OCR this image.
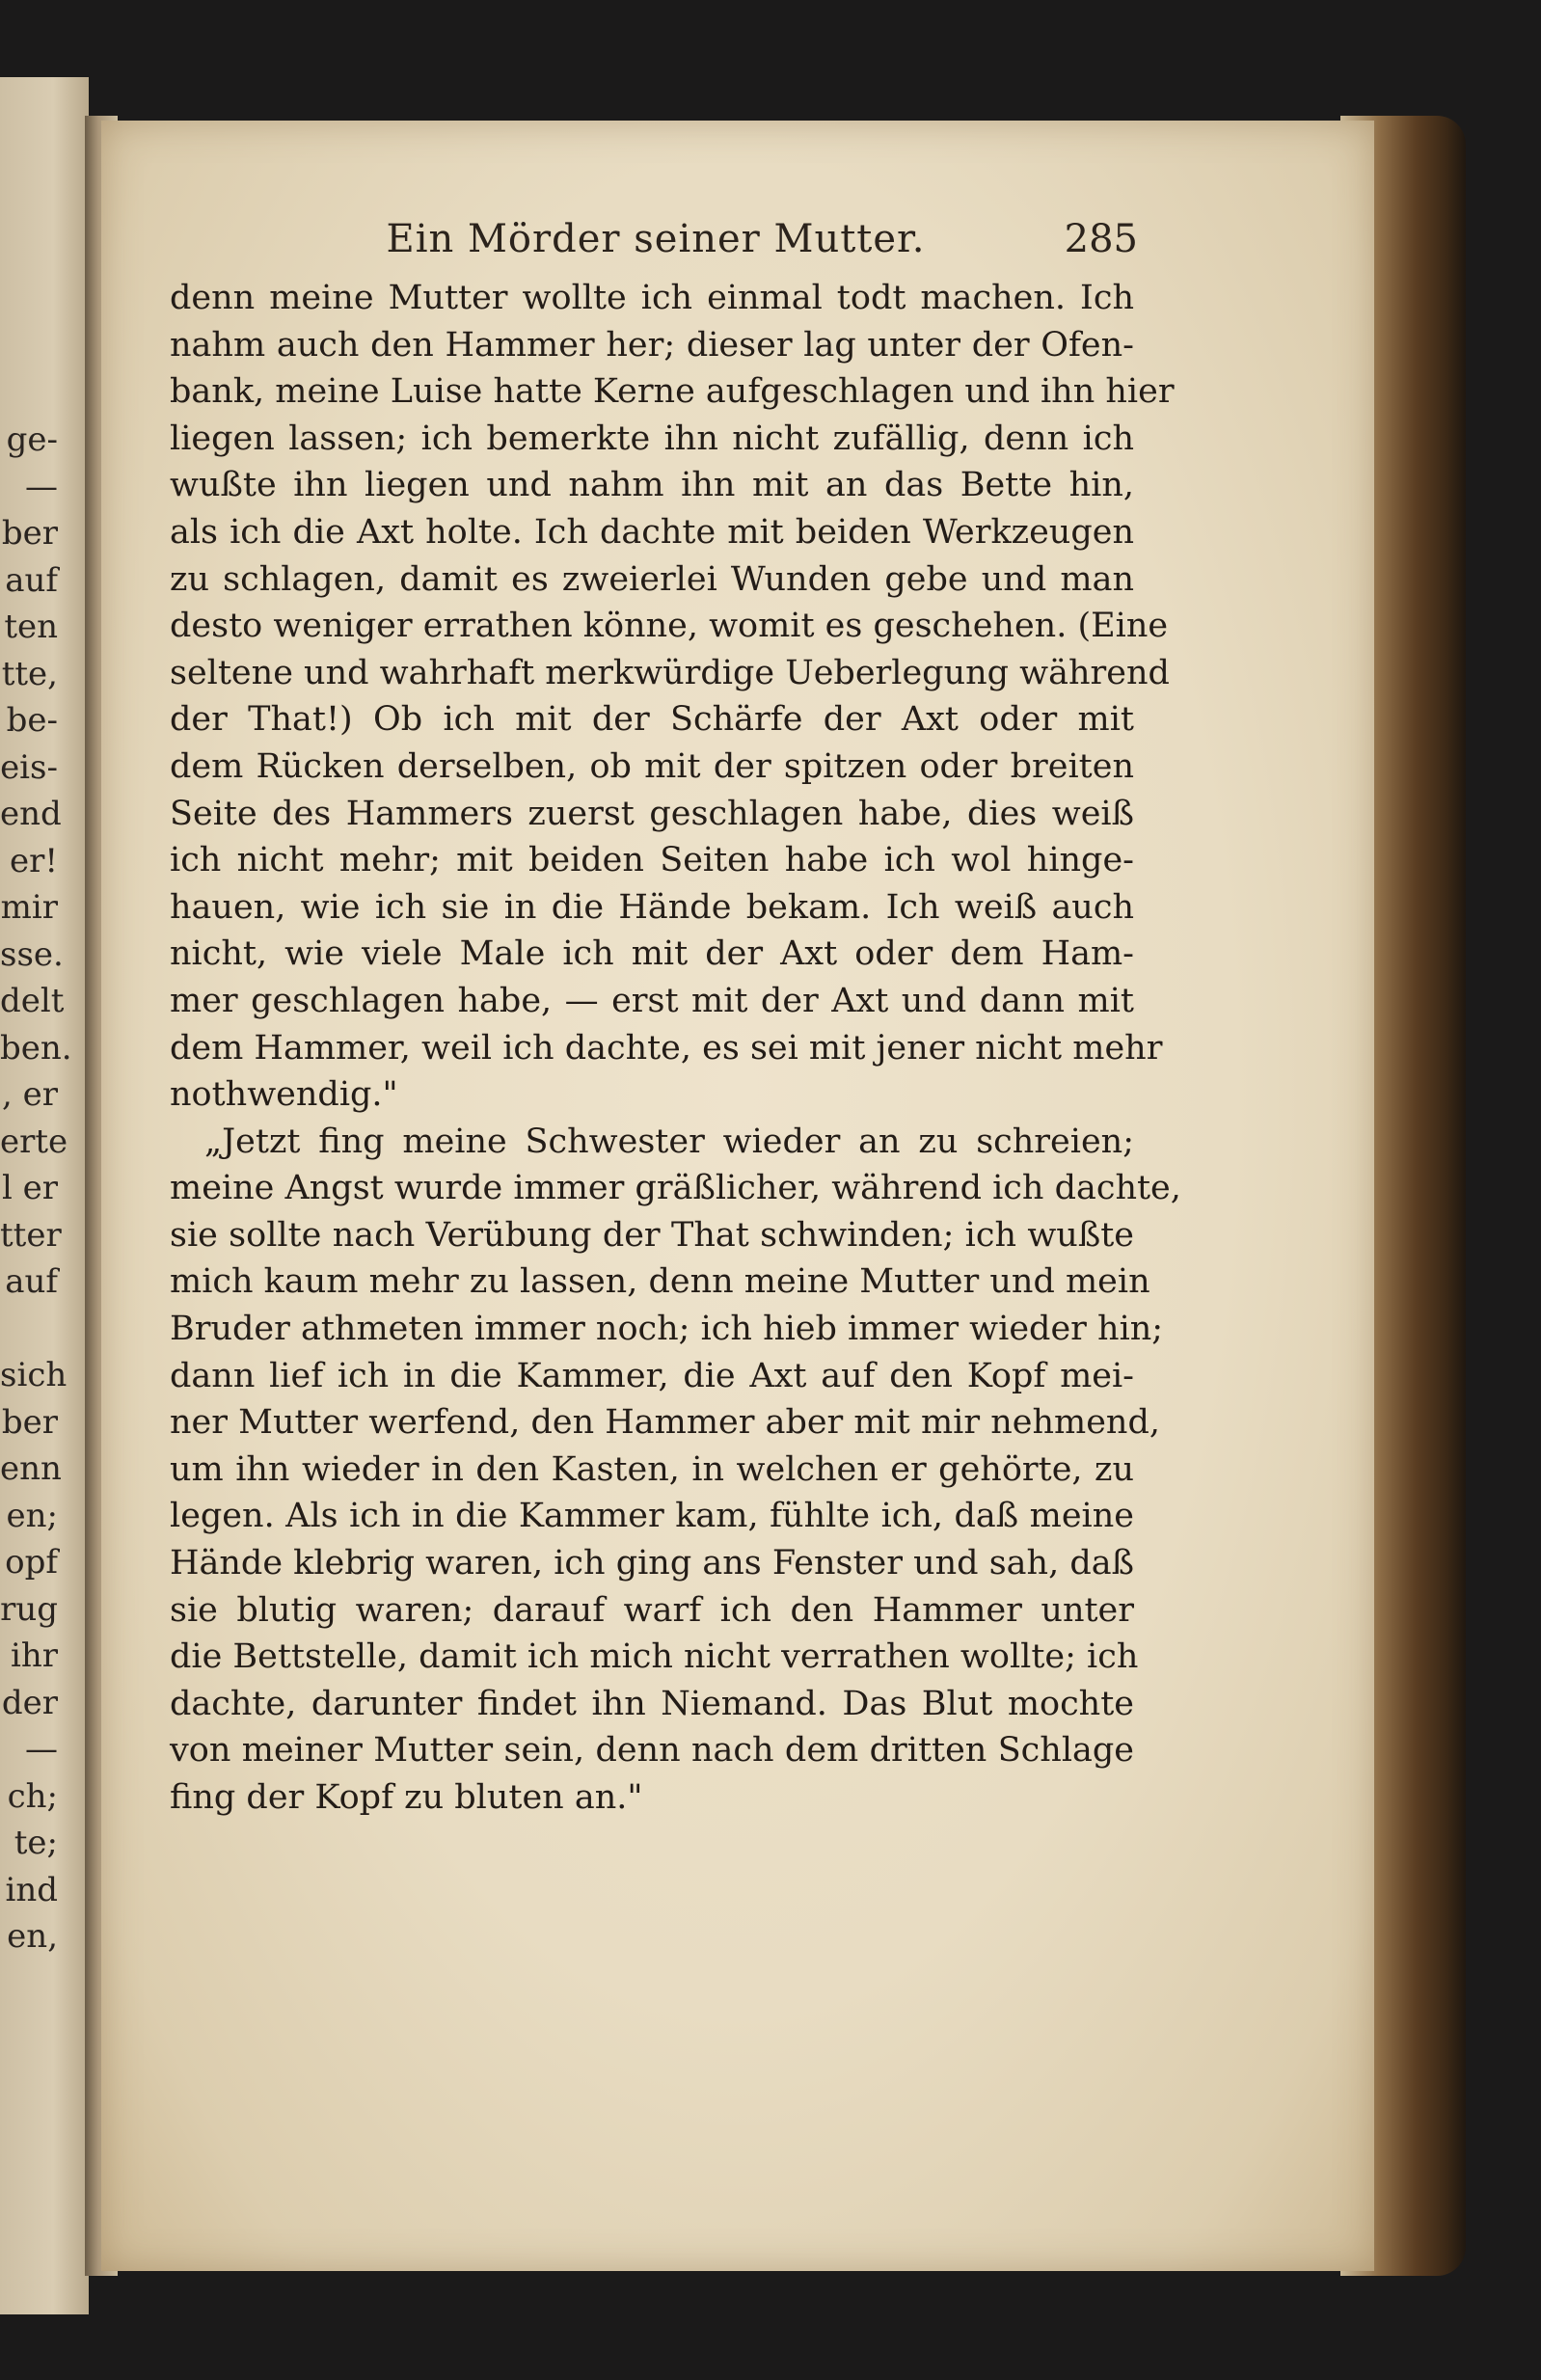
ge-
—
ber
auf
ten
tte,
be-
eis-
end
er!
mir
sse.
delt
ben.
, er
erte
l er
tter
auf
sich
ber
enn
en;
opf
rug
ihr
der
—
ch;
te;
ind
en,
Ein Mörder seiner Mutter.	285
denn meine Mutter wollte ich einmal todt machen. Ich
nahm auch den Hammer her; dieser lag unter der Ofen-
bank, meine Luise hatte Kerne aufgeschlagen und ihn hier
liegen lassen; ich bemerkte ihn nicht zufällig, denn ich
wußte ihn liegen und nahm ihn mit an das Bette hin,
als ich die Axt holte. Ich dachte mit beiden Werkzeugen
zu schlagen, damit es zweierlei Wunden gebe und man
desto weniger errathen könne, womit es geschehen. (Eine
seltene und wahrhaft merkwürdige Ueberlegung während
der That!) Ob ich mit der Schärfe der Axt oder mit
dem Rücken derselben, ob mit der spitzen oder breiten
Seite des Hammers zuerst geschlagen habe, dies weiß
ich nicht mehr; mit beiden Seiten habe ich wol hinge-
hauen, wie ich sie in die Hände bekam. Ich weiß auch
nicht, wie viele Male ich mit der Axt oder dem Ham-
mer geschlagen habe, — erst mit der Axt und dann mit
dem Hammer, weil ich dachte, es sei mit jener nicht mehr
nothwendig."
„Jetzt fing meine Schwester wieder an zu schreien;
meine Angst wurde immer gräßlicher, während ich dachte,
sie sollte nach Verübung der That schwinden; ich wußte
mich kaum mehr zu lassen, denn meine Mutter und mein
Bruder athmeten immer noch; ich hieb immer wieder hin;
dann lief ich in die Kammer, die Axt auf den Kopf mei-
ner Mutter werfend, den Hammer aber mit mir nehmend,
um ihn wieder in den Kasten, in welchen er gehörte, zu
legen. Als ich in die Kammer kam, fühlte ich, daß meine
Hände klebrig waren, ich ging ans Fenster und sah, daß
sie blutig waren; darauf warf ich den Hammer unter
die Bettstelle, damit ich mich nicht verrathen wollte; ich
dachte, darunter findet ihn Niemand. Das Blut mochte
von meiner Mutter sein, denn nach dem dritten Schlage
fing der Kopf zu bluten an."
